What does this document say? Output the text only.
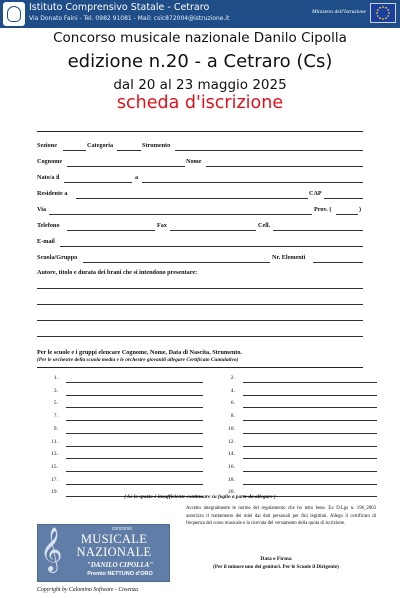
Istituto Comprensivo Statale - Cetraro
Via Donato Faini - Tel. 0982 91081 - Mail: csic872004@istruzione.it
Ministero dell'Istruzione
Concorso musicale nazionale Danilo Cipolla
edizione n.20 - a Cetraro (Cs)
dal 20 al 23 maggio 2025
scheda d'iscrizione
Sezione	Categoria	Strumento
Cognome	Nome
Nato/a il	a
Residente a	CAP
Via	Prov. (	)
Telefono	Fax	Cell.
E-mail
Scuola/Gruppo	Nr. Elementi
Autore, titolo e durata dei brani che si intendono presentare:
Per le scuole e i gruppi elencare Cognome, Nome, Data di Nascita, Strumento.
(Per le orchestre della scuola media e le orchestre giovanili allegare Certificato Cumulativo)
1.
3.
5.
7.
9.
11.
13.
15.
17.
19.
2.
4.
6.
8.
10.
12.
14.
16.
18.
20.
( Se lo spazio è insufficiente continuare su foglio a parte da allegare )
Accetto integralmente le norme del regolamento che ho letto bene. Ex D.Lgs n. 196_2003 autorizzo il trattamento dei miei dai dati personali per fini legittimi. Allego il certificato di frequenza del corso musicale e la ricevuta del versamento della quota di iscrizione.
𝄞	concorso
MUSICALE
NAZIONALE
"DANILO CIPOLLA"
Premio NETTUNO d'ORO
Data e Firma
(Per il minore uno dei genitori. Per le Scuole il Dirigente)
Copyright by Calomino Software - Cosenza
